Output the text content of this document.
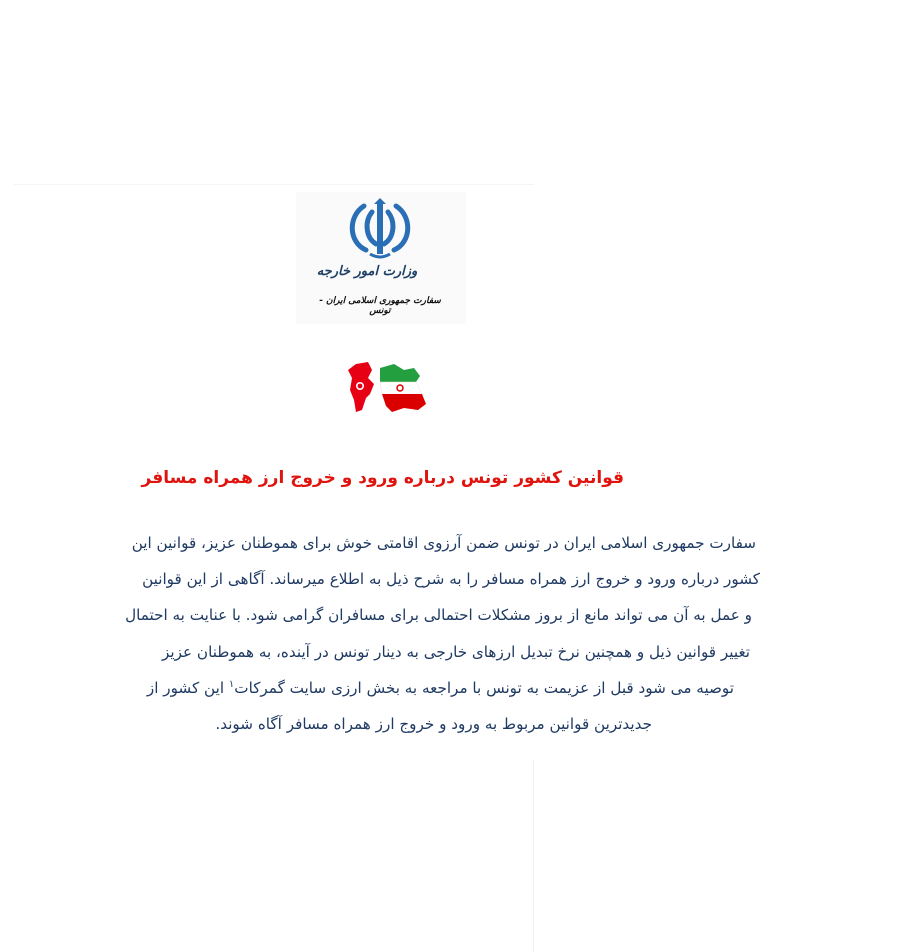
وزارت امور خارجه
سفارت جمهوری اسلامی ایران - تونس
قوانین کشور تونس درباره ورود و خروج ارز همراه مسافر
سفارت جمهوری اسلامی ایران در تونس ضمن آرزوی اقامتی خوش برای هموطنان عزیز، قوانین این
کشور درباره ورود و خروج ارز همراه مسافر را به شرح ذیل به اطلاع میرساند. آگاهی از این قوانین
و عمل به آن می تواند مانع از بروز مشکلات احتمالی برای مسافران گرامی شود. با عنایت به احتمال
تغییر قوانین ذیل و همچنین نرخ تبدیل ارزهای خارجی به دینار تونس در آینده، به هموطنان عزیز
توصیه می شود قبل از عزیمت به تونس با مراجعه به بخش ارزی سایت گمرکات$^۱$ این کشور از
جدیدترین قوانین مربوط به ورود و خروج ارز همراه مسافر آگاه شوند.
